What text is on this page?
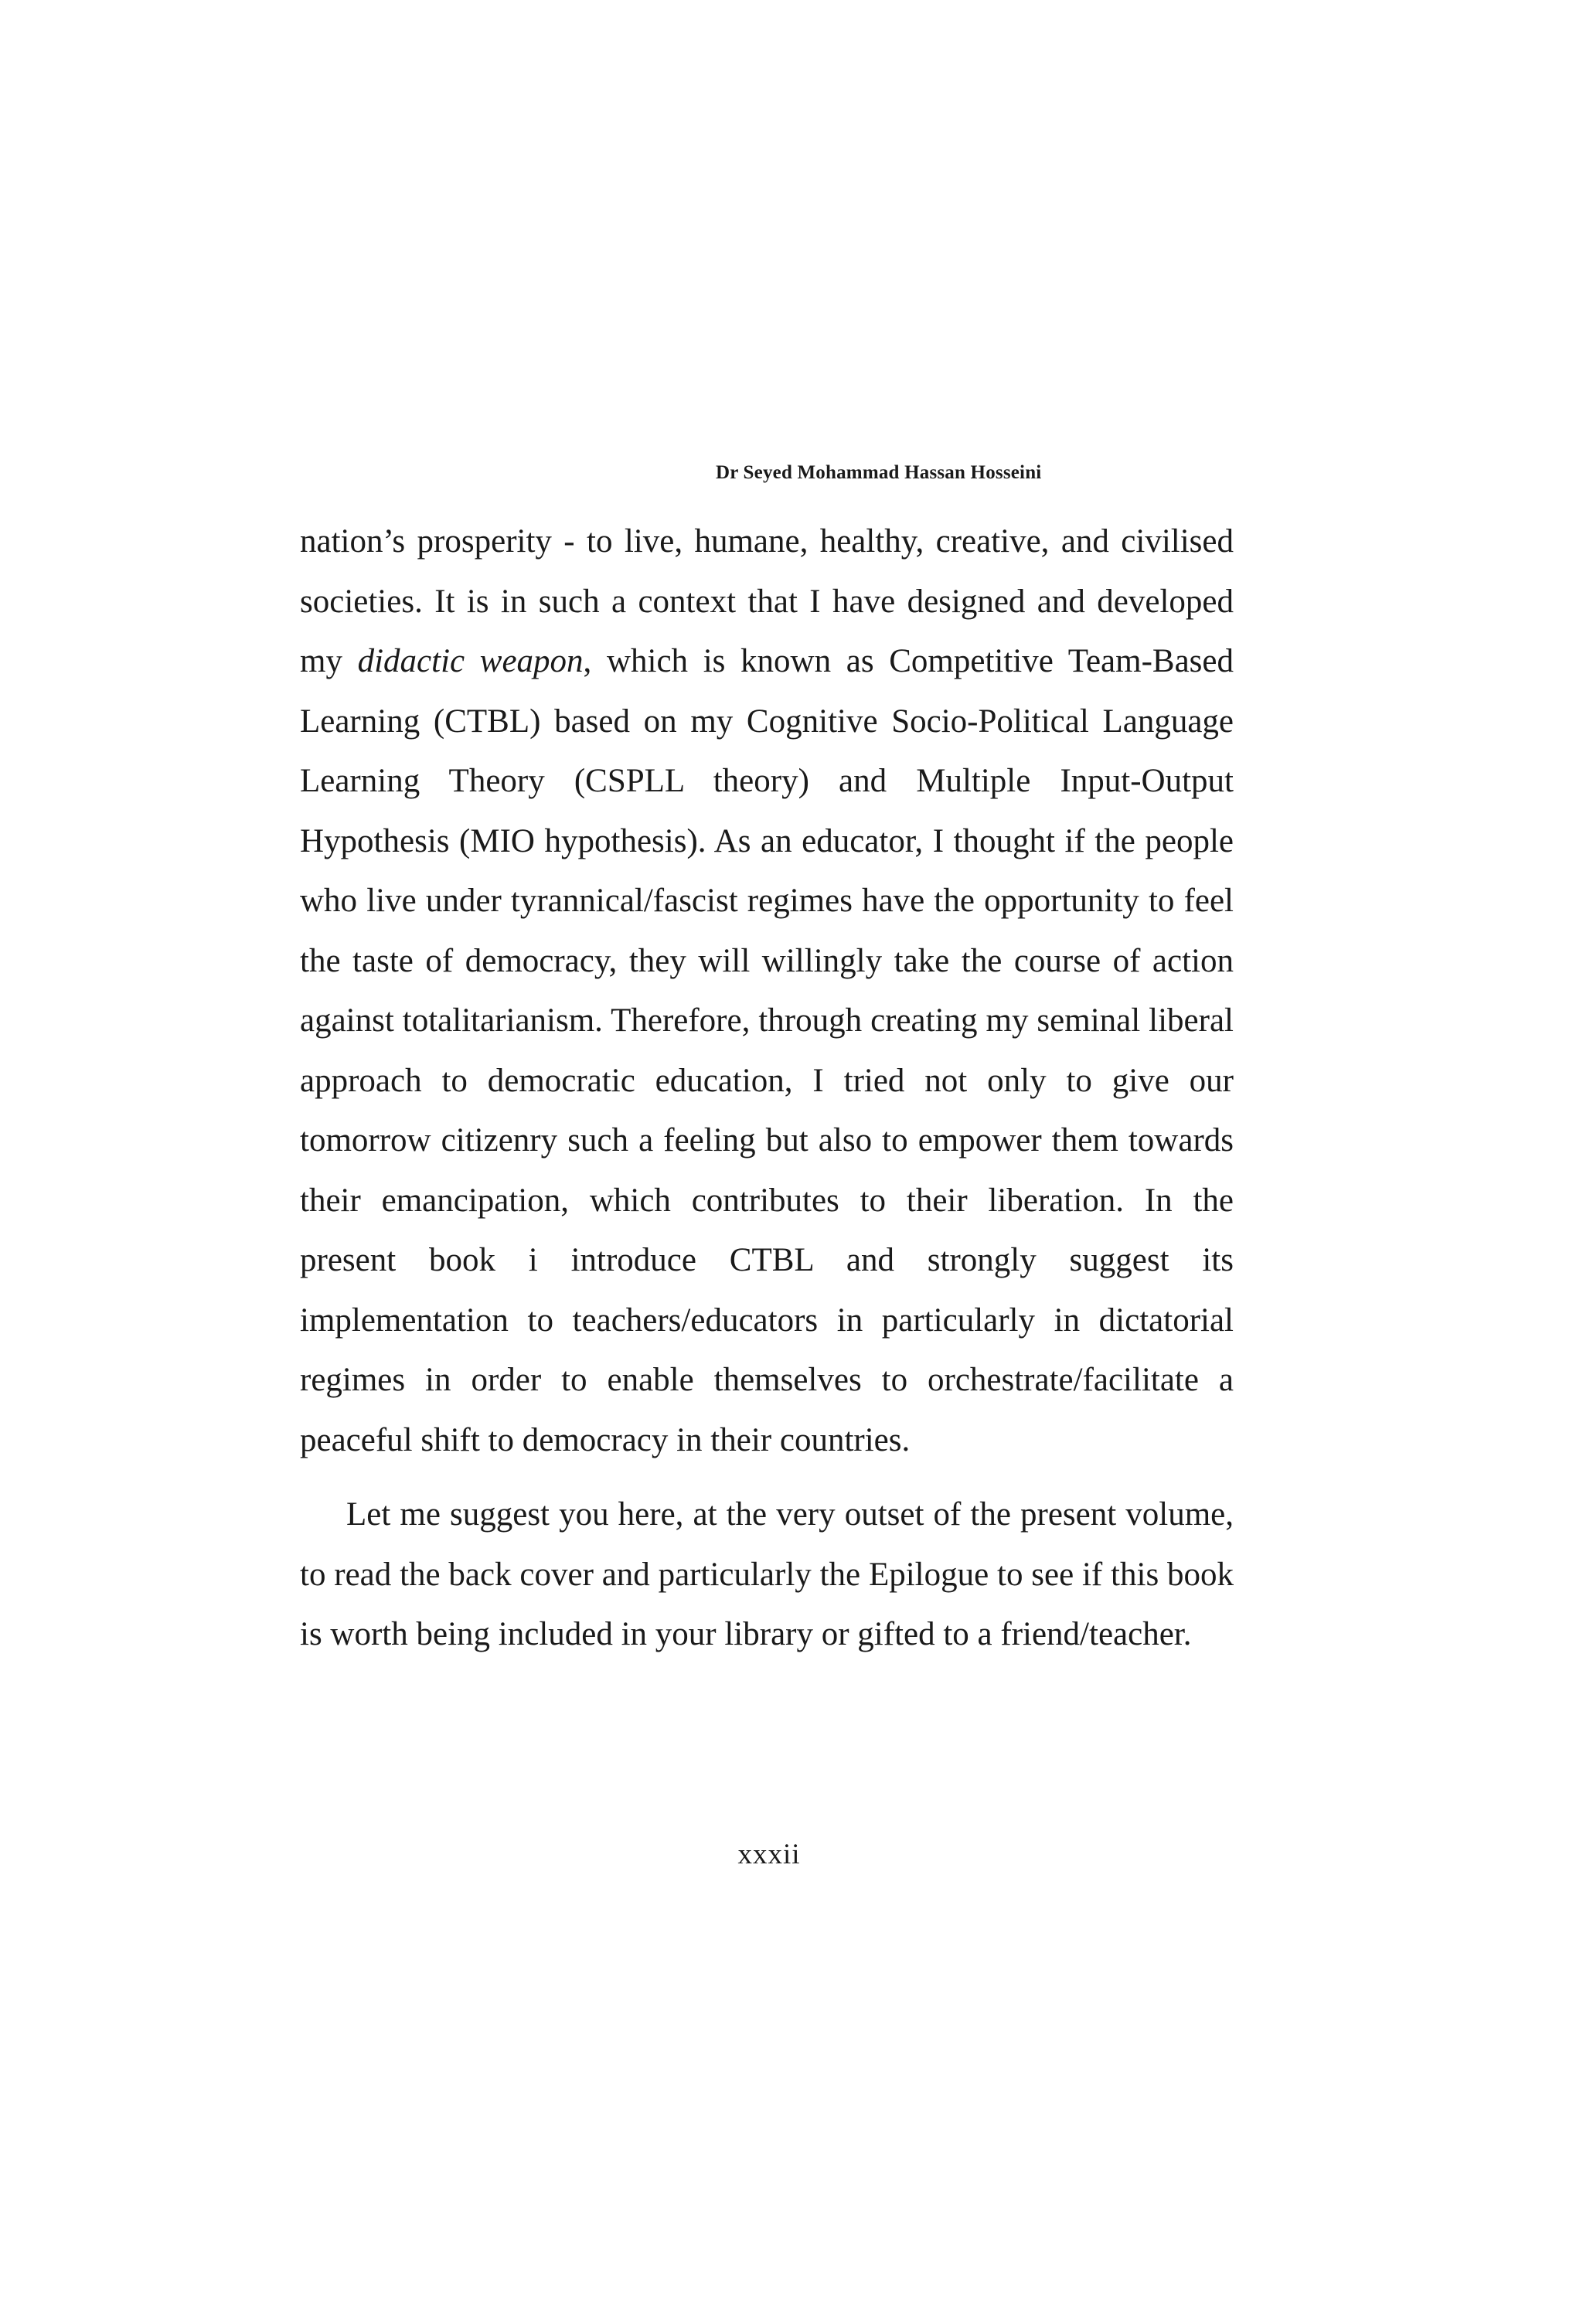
Dr Seyed Mohammad Hassan Hosseini

nation’s prosperity - to live, humane, healthy, creative, and civilised societies. It is in such a context that I have designed and developed my didactic weapon, which is known as Competitive Team-Based Learning (CTBL) based on my Cognitive Socio-Political Language Learning Theory (CSPLL theory) and Multiple Input-Output Hypothesis (MIO hypothesis). As an educator, I thought if the people who live under tyrannical/fascist regimes have the opportunity to feel the taste of democracy, they will willingly take the course of action against totalitarianism. Therefore, through creating my seminal liberal approach to democratic education, I tried not only to give our tomorrow citizenry such a feeling but also to empower them towards their emancipation, which contributes to their liberation. In the present book i introduce CTBL and strongly suggest its implementation to teachers/educators in particularly in dictatorial regimes in order to enable themselves to orchestrate/facilitate a peaceful shift to democracy in their countries.

Let me suggest you here, at the very outset of the present volume, to read the back cover and particularly the Epilogue to see if this book is worth being included in your library or gifted to a friend/teacher.

xxxii
